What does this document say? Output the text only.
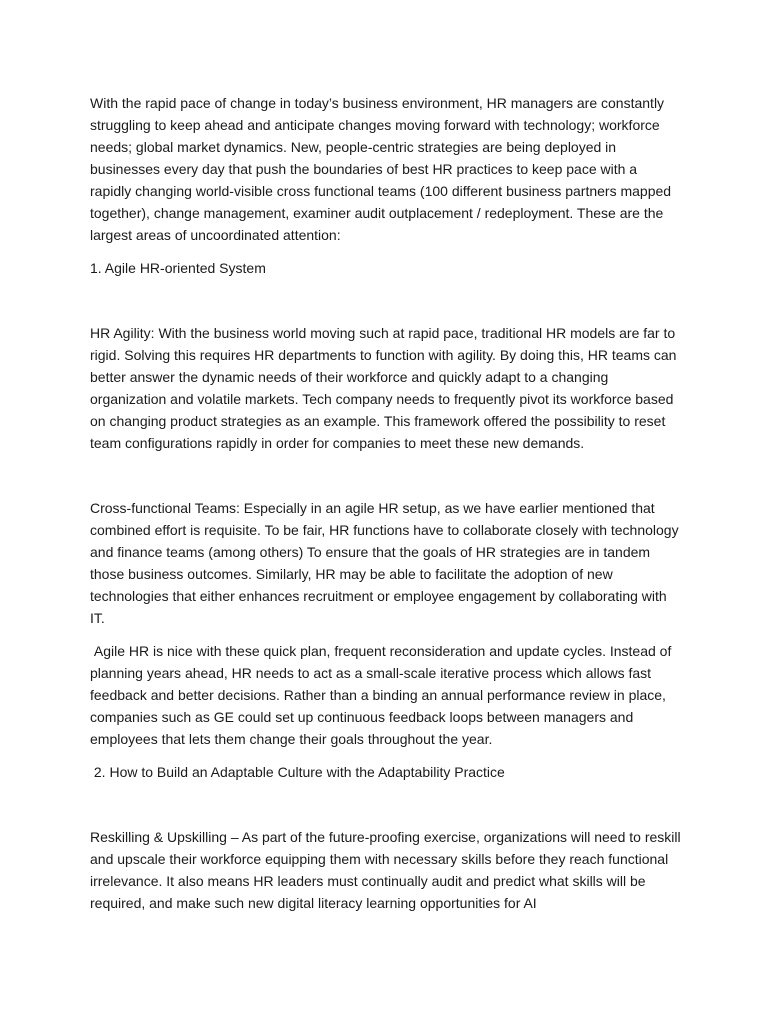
With the rapid pace of change in today’s business environment, HR managers are constantly struggling to keep ahead and anticipate changes moving forward with technology; workforce needs; global market dynamics. New, people-centric strategies are being deployed in businesses every day that push the boundaries of best HR practices to keep pace with a rapidly changing world-visible cross functional teams (100 different business partners mapped together), change management, examiner audit outplacement / redeployment. These are the largest areas of uncoordinated attention:

1. Agile HR-oriented System

HR Agility: With the business world moving such at rapid pace, traditional HR models are far to rigid. Solving this requires HR departments to function with agility. By doing this, HR teams can better answer the dynamic needs of their workforce and quickly adapt to a changing organization and volatile markets. Tech company needs to frequently pivot its workforce based on changing product strategies as an example. This framework offered the possibility to reset team configurations rapidly in order for companies to meet these new demands.

Cross-functional Teams: Especially in an agile HR setup, as we have earlier mentioned that combined effort is requisite. To be fair, HR functions have to collaborate closely with technology and finance teams (among others) To ensure that the goals of HR strategies are in tandem those business outcomes. Similarly, HR may be able to facilitate the adoption of new technologies that either enhances recruitment or employee engagement by collaborating with IT.

Agile HR is nice with these quick plan, frequent reconsideration and update cycles. Instead of planning years ahead, HR needs to act as a small-scale iterative process which allows fast feedback and better decisions. Rather than a binding an annual performance review in place, companies such as GE could set up continuous feedback loops between managers and employees that lets them change their goals throughout the year.

2. How to Build an Adaptable Culture with the Adaptability Practice

Reskilling & Upskilling – As part of the future-proofing exercise, organizations will need to reskill and upscale their workforce equipping them with necessary skills before they reach functional irrelevance. It also means HR leaders must continually audit and predict what skills will be required, and make such new digital literacy learning opportunities for AI
